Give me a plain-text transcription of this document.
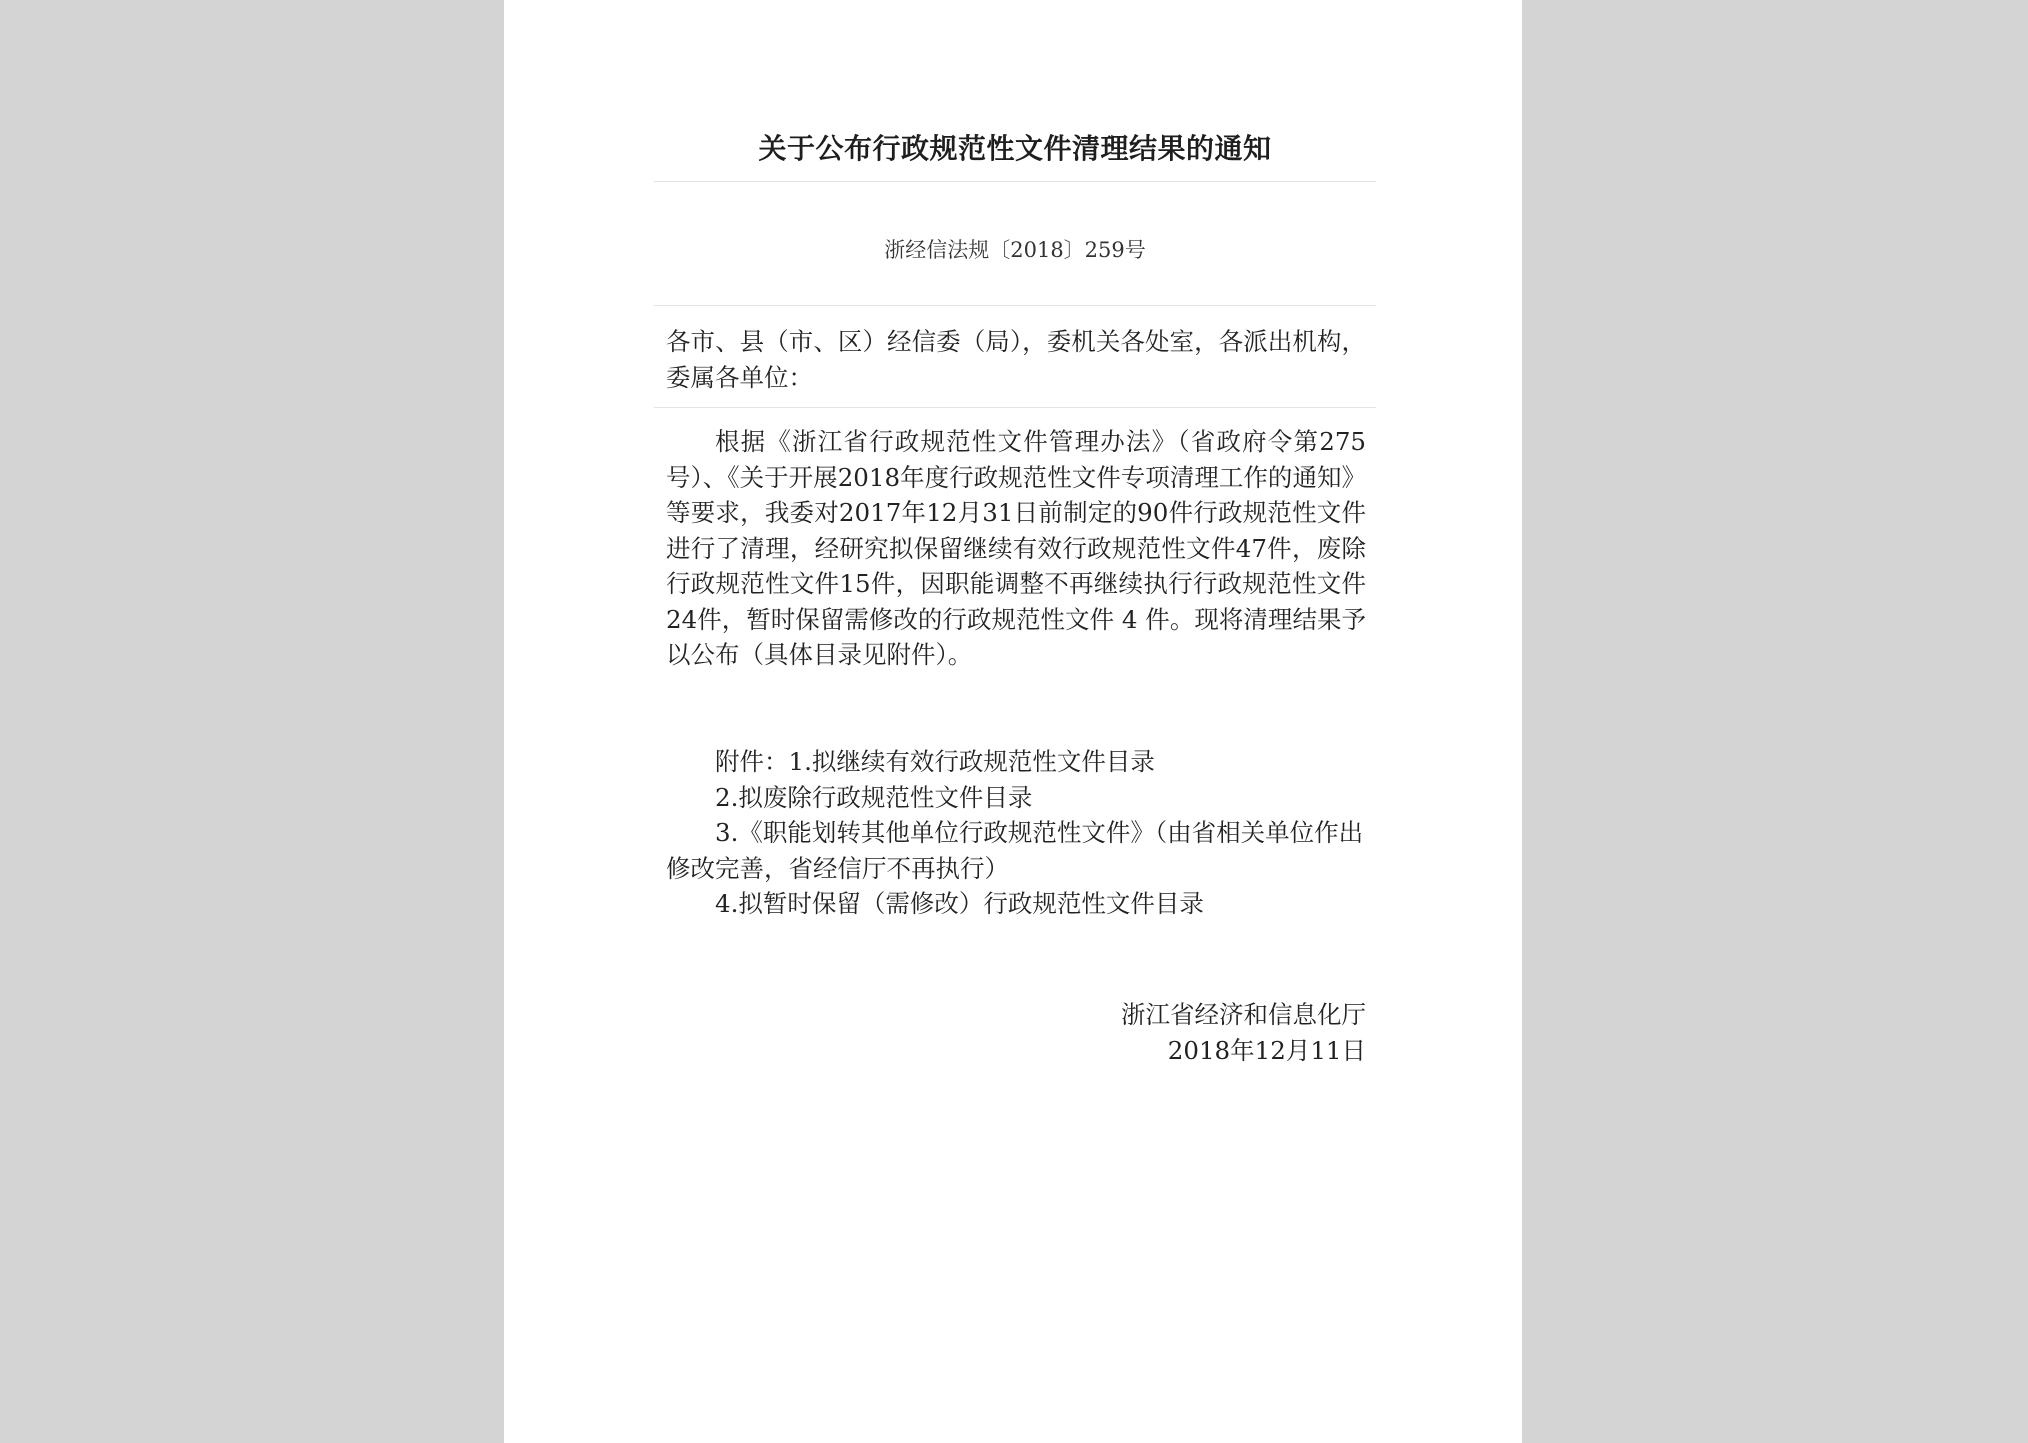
关于公布行政规范性文件清理结果的通知
浙经信法规〔2018〕259号
各市、县（市、区）经信委（局），委机关各处室，各派出机构，委属各单位：
根据《浙江省行政规范性文件管理办法》（省政府令第275号）、《关于开展2018年度行政规范性文件专项清理工作的通知》等要求，我委对2017年12月31日前制定的90件行政规范性文件进行了清理，经研究拟保留继续有效行政规范性文件47件，废除行政规范性文件15件，因职能调整不再继续执行行政规范性文件24件，暂时保留需修改的行政规范性文件 4 件。现将清理结果予以公布（具体目录见附件）。
附件：1.拟继续有效行政规范性文件目录
2.拟废除行政规范性文件目录
3.《职能划转其他单位行政规范性文件》（由省相关单位作出修改完善，省经信厅不再执行）
4.拟暂时保留（需修改）行政规范性文件目录
浙江省经济和信息化厅
2018年12月11日
